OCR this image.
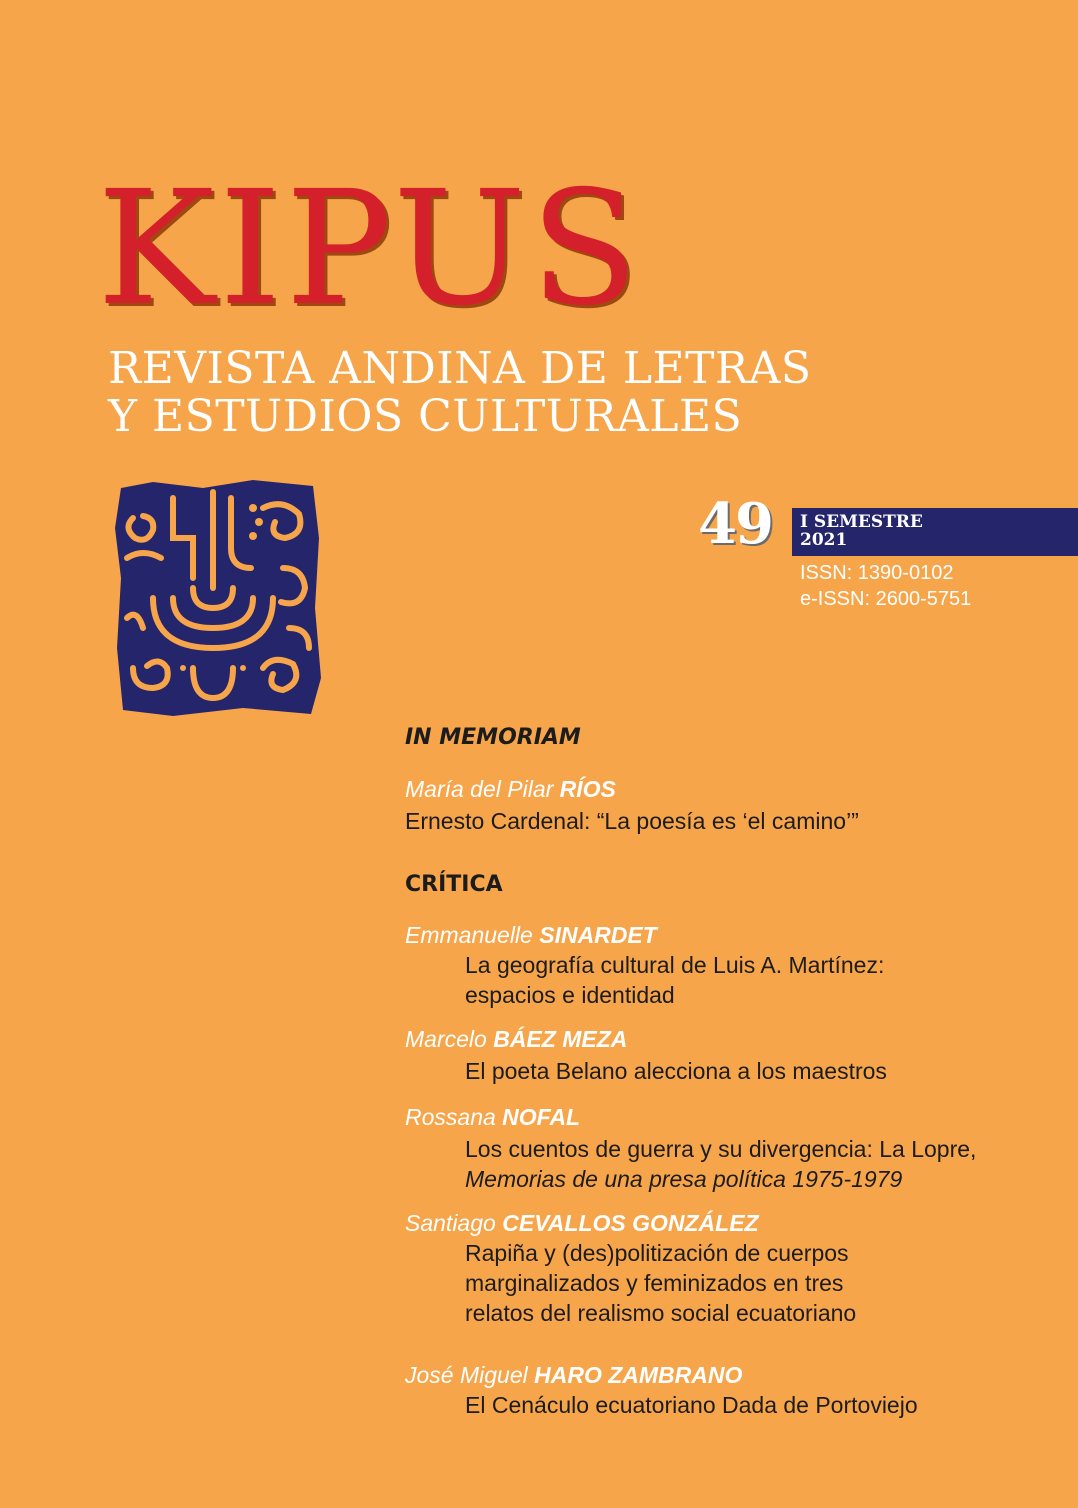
KIPUS
REVISTA ANDINA DE LETRAS
Y ESTUDIOS CULTURALES
49 I SEMESTRE
2021
ISSN: 1390-0102
e-ISSN: 2600-5751
IN MEMORIAM
María del Pilar RÍOS
Ernesto Cardenal: “La poesía es ‘el camino’”
CRÍTICA
Emmanuelle SINARDET
La geografía cultural de Luis A. Martínez:
espacios e identidad
Marcelo BÁEZ MEZA
El poeta Belano alecciona a los maestros
Rossana NOFAL
Los cuentos de guerra y su divergencia: La Lopre,
Memorias de una presa política 1975-1979
Santiago CEVALLOS GONZÁLEZ
Rapiña y (des)politización de cuerpos
marginalizados y feminizados en tres
relatos del realismo social ecuatoriano
José Miguel HARO ZAMBRANO
El Cenáculo ecuatoriano Dada de Portoviejo
